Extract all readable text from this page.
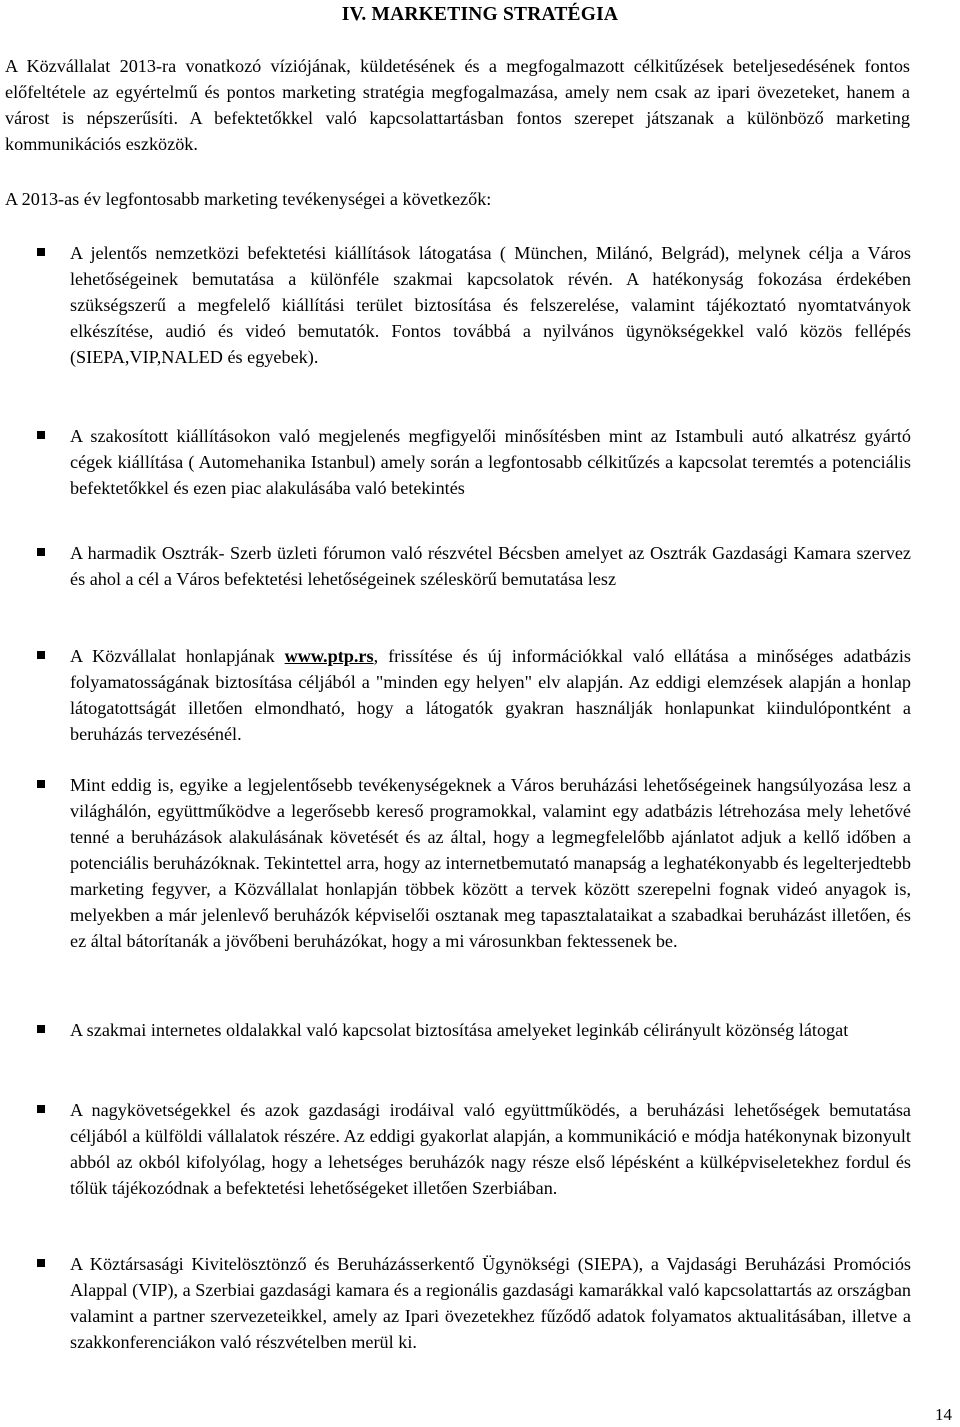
IV. MARKETING STRATÉGIA

A Közvállalat 2013-ra vonatkozó víziójának, küldetésének és a megfogalmazott célkitűzések beteljesedésének fontos előfeltétele az egyértelmű és pontos marketing stratégia megfogalmazása, amely nem csak az ipari övezeteket, hanem a várost is népszerűsíti. A befektetőkkel való kapcsolattartásban fontos szerepet játszanak a különböző marketing kommunikációs eszközök.

A 2013-as év legfontosabb marketing tevékenységei a következők:
A jelentős nemzetközi befektetési kiállítások látogatása ( München, Milánó, Belgrád), melynek célja a Város lehetőségeinek bemutatása a különféle szakmai kapcsolatok révén. A hatékonyság fokozása érdekében szükségszerű a megfelelő kiállítási terület biztosítása és felszerelése, valamint tájékoztató nyomtatványok elkészítése, audió és videó bemutatók. Fontos továbbá a nyilvános ügynökségekkel való közös fellépés (SIEPA,VIP,NALED és egyebek).
A szakosított kiállításokon való megjelenés megfigyelői minősítésben mint az Istambuli autó alkatrész gyártó cégek kiállítása ( Automehanika Istanbul) amely során a legfontosabb célkitűzés a kapcsolat teremtés a potenciális befektetőkkel és ezen piac alakulásába való betekintés
A harmadik Osztrák- Szerb üzleti fórumon való részvétel Bécsben amelyet az Osztrák Gazdasági Kamara szervez és ahol a cél a Város befektetési lehetőségeinek széleskörű bemutatása lesz
A Közvállalat honlapjának www.ptp.rs, frissítése és új információkkal való ellátása a minőséges adatbázis folyamatosságának biztosítása céljából a "minden egy helyen" elv alapján. Az eddigi elemzések alapján a honlap látogatottságát illetően elmondható, hogy a látogatók gyakran használják honlapunkat kiindulópontként a beruházás tervezésénél.
Mint eddig is, egyike a legjelentősebb tevékenységeknek a Város beruházási lehetőségeinek hangsúlyozása lesz a világhálón, együttműködve a legerősebb kereső programokkal, valamint egy adatbázis létrehozása mely lehetővé tenné a beruházások alakulásának követését és az által, hogy a legmegfelelőbb ajánlatot adjuk a kellő időben a potenciális beruházóknak. Tekintettel arra, hogy az internetbemutató manapság a leghatékonyabb és legelterjedtebb marketing fegyver, a Közvállalat honlapján többek között a tervek között szerepelni fognak videó anyagok is, melyekben a már jelenlevő beruházók képviselői osztanak meg tapasztalataikat a szabadkai beruházást illetően, és ez által bátorítanák a jövőbeni beruházókat, hogy a mi városunkban fektessenek be.
A szakmai internetes oldalakkal való kapcsolat biztosítása amelyeket leginkáb célirányult közönség látogat
A nagykövetségekkel és azok gazdasági irodáival való együttműködés, a beruházási lehetőségek bemutatása céljából a külföldi vállalatok részére. Az eddigi gyakorlat alapján, a kommunikáció e módja hatékonynak bizonyult abból az okból kifolyólag, hogy a lehetséges beruházók nagy része első lépésként a külképviseletekhez fordul és tőlük tájékozódnak a befektetési lehetőségeket illetően Szerbiában.
A Köztársasági Kivitelösztönző és Beruházásserkentő Ügynökségi (SIEPA), a Vajdasági Beruházási Promóciós Alappal (VIP), a Szerbiai gazdasági kamara és a regionális gazdasági kamarákkal való kapcsolattartás az országban valamint a partner szervezeteikkel, amely az Ipari övezetekhez fűződő adatok folyamatos aktualitásában, illetve a szakkonferenciákon való részvételben merül ki.
14
